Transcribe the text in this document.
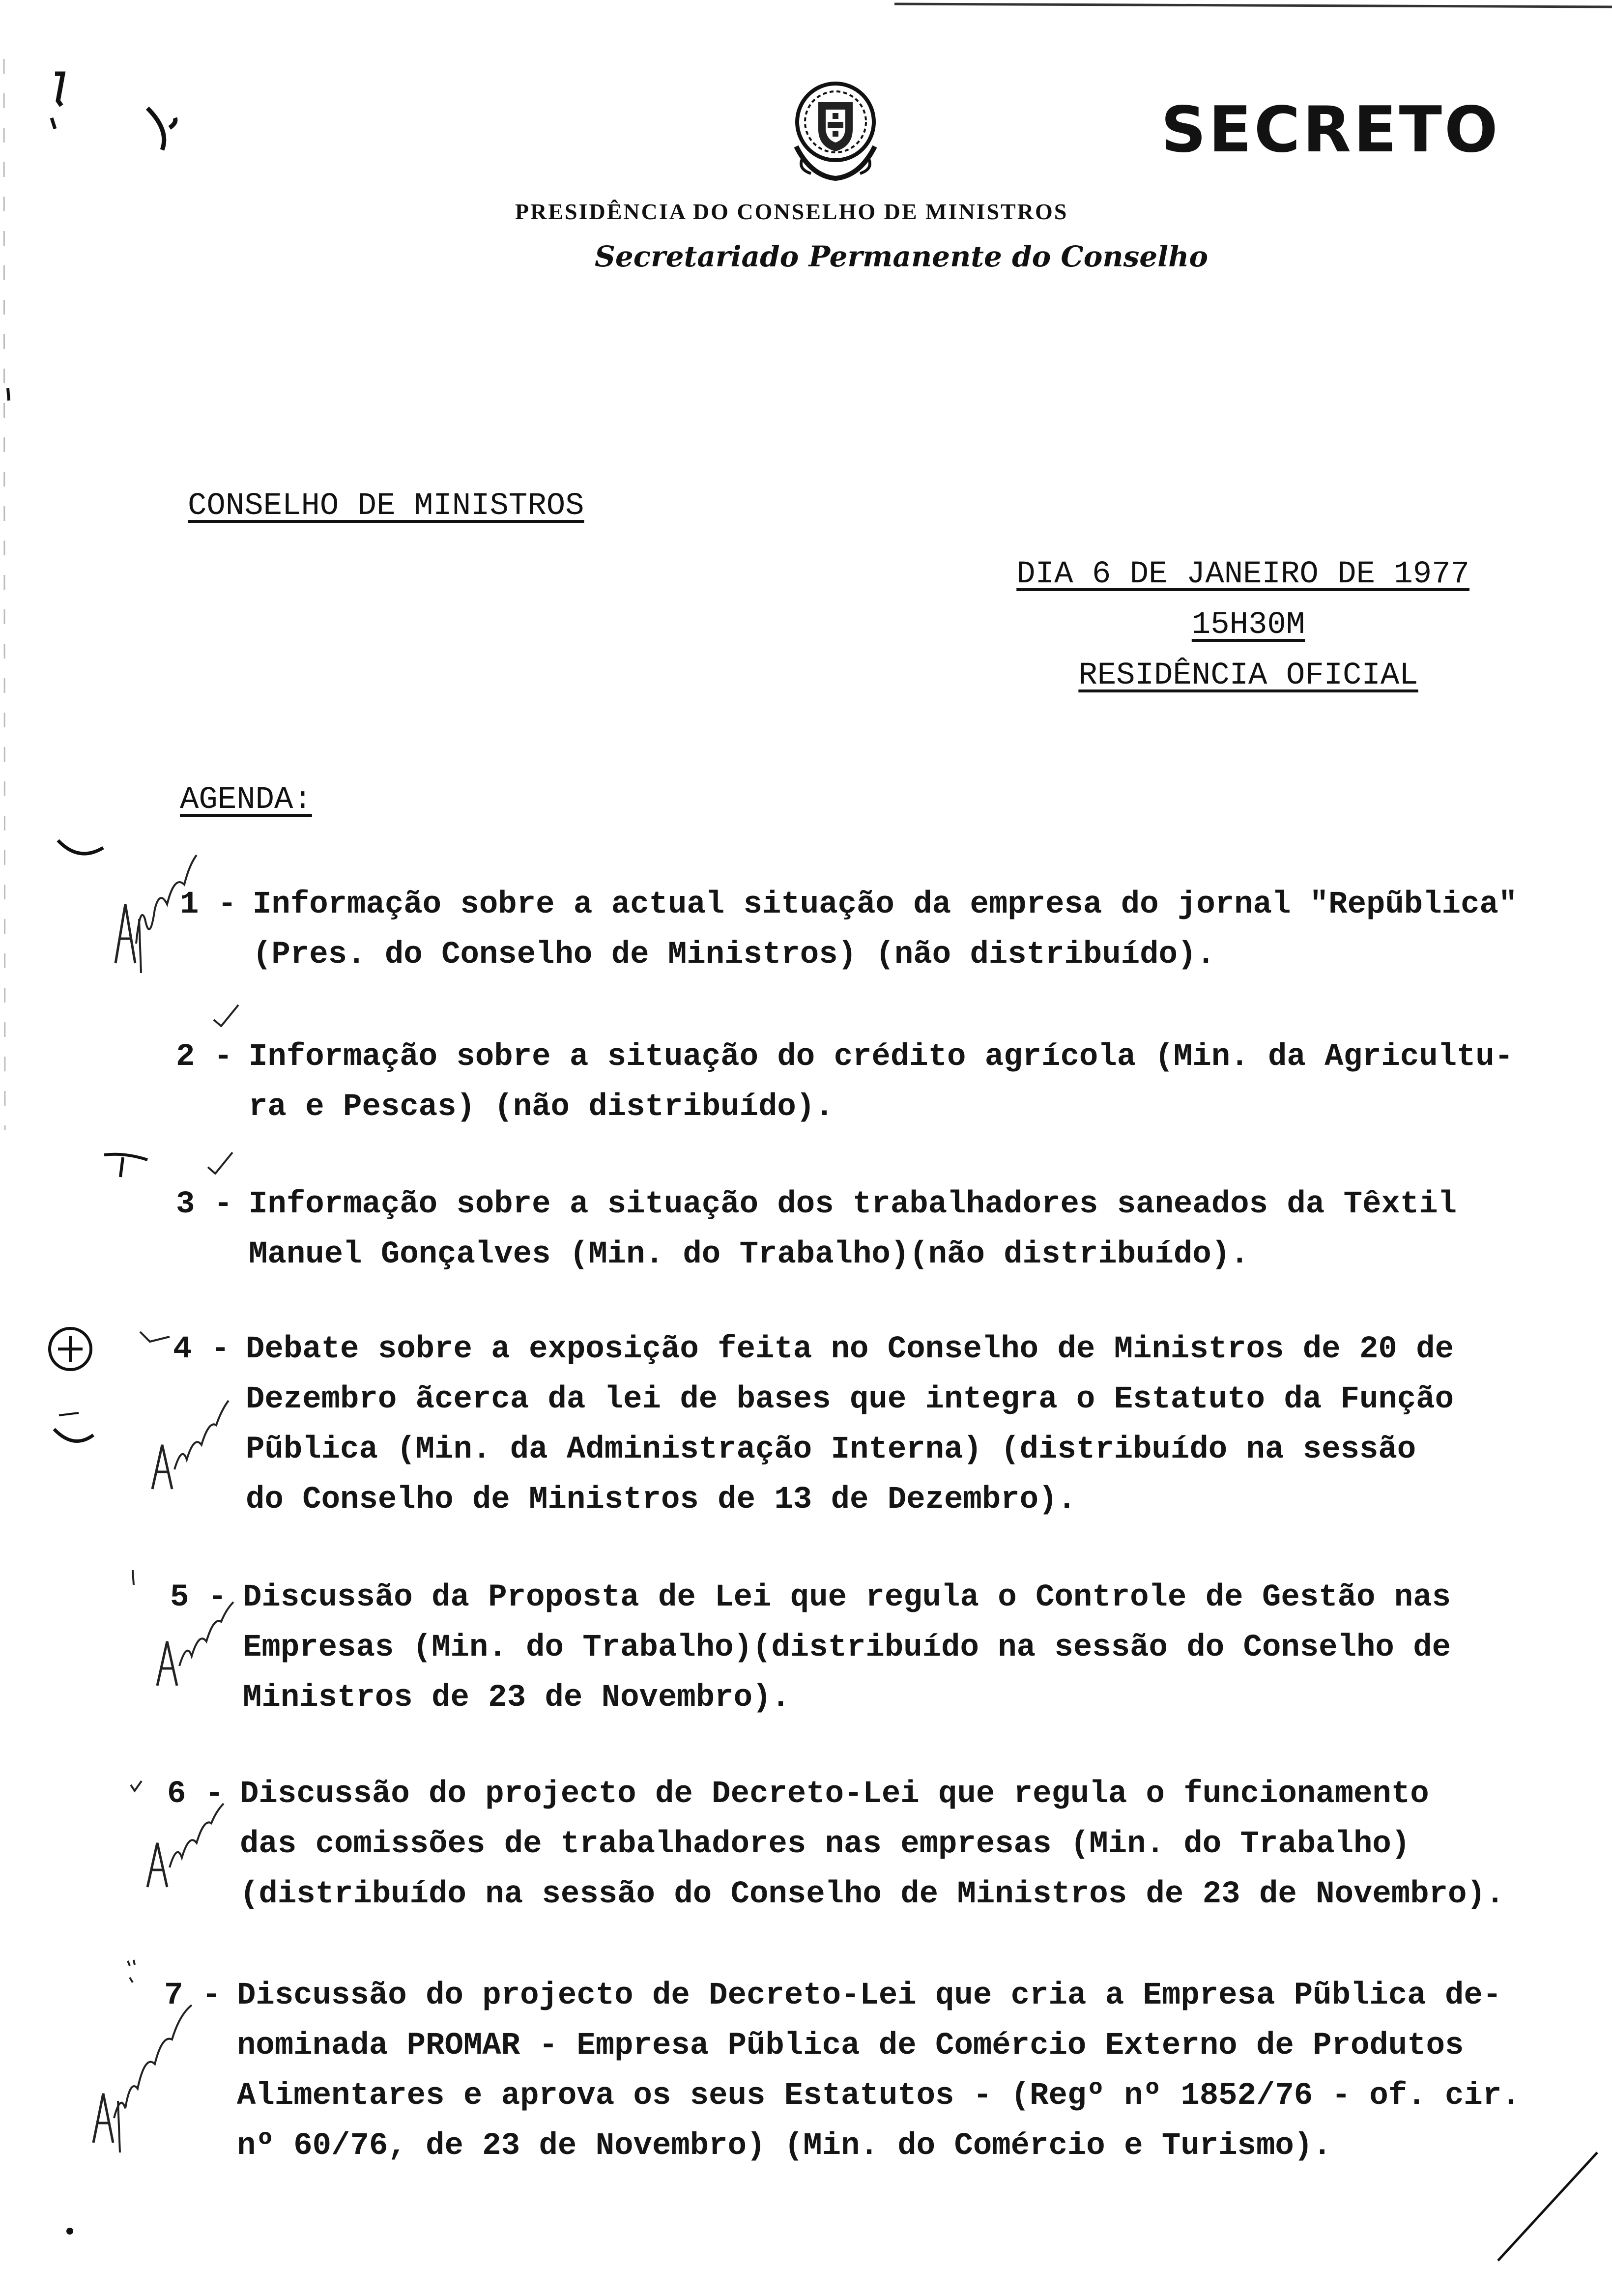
SECRETO
PRESIDÊNCIA DO CONSELHO DE MINISTROS
Secretariado Permanente do Conselho
CONSELHO DE MINISTROS
DIA 6 DE JANEIRO DE 1977
15H30M
RESIDÊNCIA OFICIAL
AGENDA:
1 - Informação sobre a actual situação da empresa do jornal "Repũblica"
(Pres. do Conselho de Ministros) (não distribuído).
2 - Informação sobre a situação do crédito agrícola (Min. da Agricultu-
ra e Pescas) (não distribuído).
3 - Informação sobre a situação dos trabalhadores saneados da Têxtil
Manuel Gonçalves (Min. do Trabalho)(não distribuído).
4 - Debate sobre a exposição feita no Conselho de Ministros de 20 de
Dezembro ãcerca da lei de bases que integra o Estatuto da Função
Pũblica (Min. da Administração Interna) (distribuído na sessão
do Conselho de Ministros de 13 de Dezembro).
5 - Discussão da Proposta de Lei que regula o Controle de Gestão nas
Empresas (Min. do Trabalho)(distribuído na sessão do Conselho de
Ministros de 23 de Novembro).
6 - Discussão do projecto de Decreto-Lei que regula o funcionamento
das comissões de trabalhadores nas empresas (Min. do Trabalho)
(distribuído na sessão do Conselho de Ministros de 23 de Novembro).
7 - Discussão do projecto de Decreto-Lei que cria a Empresa Pũblica de-
nominada PROMAR - Empresa Pũblica de Comércio Externo de Produtos
Alimentares e aprova os seus Estatutos - (Regº nº 1852/76 - of. cir.
nº 60/76, de 23 de Novembro) (Min. do Comércio e Turismo).
